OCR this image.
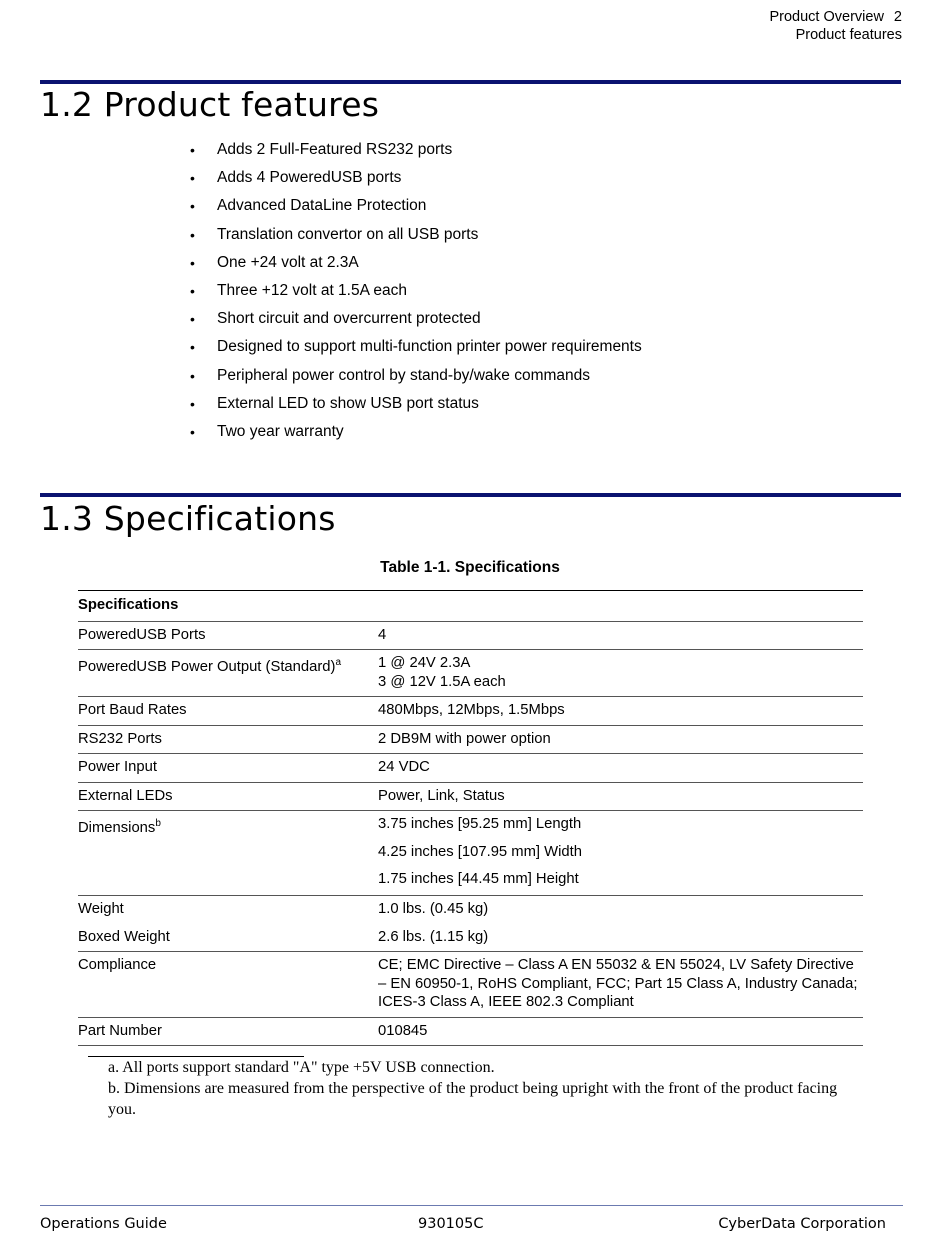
Product Overview 2
Product features
1.2 Product features
• Adds 2 Full-Featured RS232 ports
• Adds 4 PoweredUSB ports
• Advanced DataLine Protection
• Translation convertor on all USB ports
• One +24 volt at 2.3A
• Three +12 volt at 1.5A each
• Short circuit and overcurrent protected
• Designed to support multi-function printer power requirements
• Peripheral power control by stand-by/wake commands
• External LED to show USB port status
• Two year warranty
1.3 Specifications
Table 1-1. Specifications
Specifications	
PoweredUSB Ports	4
PoweredUSB Power Output (Standard)$^a$	1 @ 24V 2.3A
3 @ 12V 1.5A each

Port Baud Rates	480Mbps, 12Mbps, 1.5Mbps
RS232 Ports	2 DB9M with power option
Power Input	24 VDC
External LEDs	Power, Link, Status
Dimensions$^b$	3.75 inches [95.25 mm] Length
4.25 inches [107.95 mm] Width
1.75 inches [44.45 mm] Height

Weight	1.0 lbs. (0.45 kg)
Boxed Weight	2.6 lbs. (1.15 kg)
Compliance	CE; EMC Directive – Class A EN 55032 & EN 55024, LV Safety Directive – EN 60950-1, RoHS Compliant, FCC; Part 15 Class A, Industry Canada; ICES-3 Class A, IEEE 802.3 Compliant
Part Number	010845
a. All ports support standard "A" type +5V USB connection.
b. Dimensions are measured from the perspective of the product being upright with the front of the product facing you.
Operations Guide	930105C	CyberData Corporation
